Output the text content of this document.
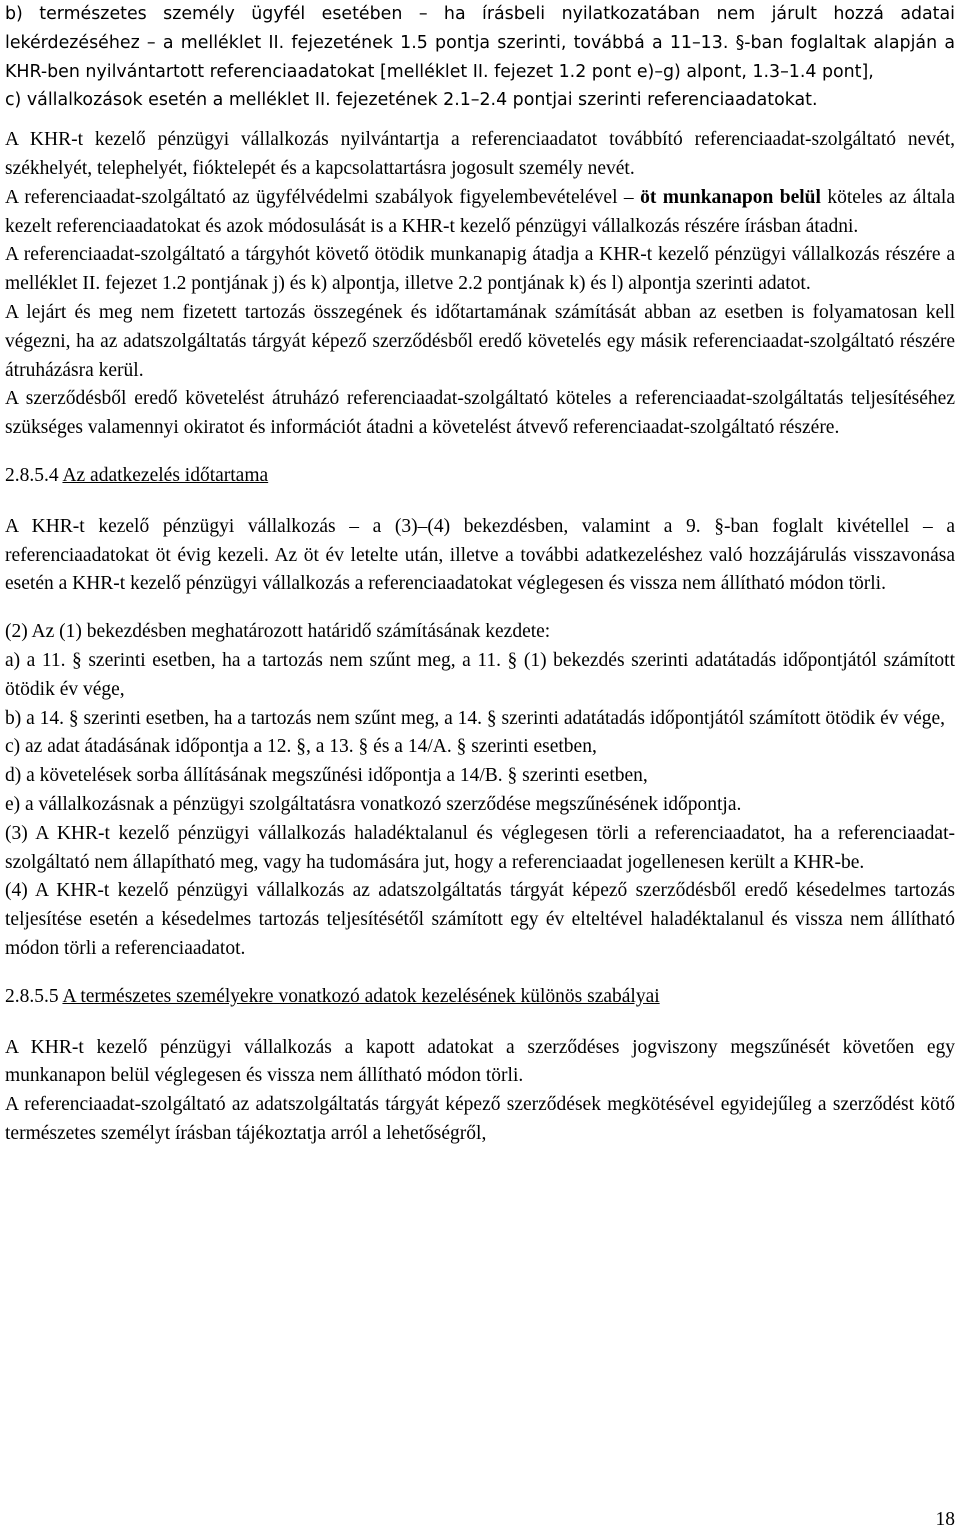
b) természetes személy ügyfél esetében – ha írásbeli nyilatkozatában nem járult hozzá adatai lekérdezéséhez – a melléklet II. fejezetének 1.5 pontja szerinti, továbbá a 11–13. §-ban foglaltak alapján a KHR-ben nyilvántartott referenciaadatokat [melléklet II. fejezet 1.2 pont e)–g) alpont, 1.3–1.4 pont],

c) vállalkozások esetén a melléklet II. fejezetének 2.1–2.4 pontjai szerinti referenciaadatokat.

A KHR-t kezelő pénzügyi vállalkozás nyilvántartja a referenciaadatot továbbító referenciaadat-szolgáltató nevét, székhelyét, telephelyét, fióktelepét és a kapcsolattartásra jogosult személy nevét.

A referenciaadat-szolgáltató az ügyfélvédelmi szabályok figyelembevételével – öt munkanapon belül köteles az általa kezelt referenciaadatokat és azok módosulását is a KHR-t kezelő pénzügyi vállalkozás részére írásban átadni.

A referenciaadat-szolgáltató a tárgyhót követő ötödik munkanapig átadja a KHR-t kezelő pénzügyi vállalkozás részére a melléklet II. fejezet 1.2 pontjának j) és k) alpontja, illetve 2.2 pontjának k) és l) alpontja szerinti adatot.

A lejárt és meg nem fizetett tartozás összegének és időtartamának számítását abban az esetben is folyamatosan kell végezni, ha az adatszolgáltatás tárgyát képező szerződésből eredő követelés egy másik referenciaadat-szolgáltató részére átruházásra kerül.

A szerződésből eredő követelést átruházó referenciaadat-szolgáltató köteles a referenciaadat-szolgáltatás teljesítéséhez szükséges valamennyi okiratot és információt átadni a követelést átvevő referenciaadat-szolgáltató részére.

2.8.5.4 Az adatkezelés időtartama

A KHR-t kezelő pénzügyi vállalkozás – a (3)–(4) bekezdésben, valamint a 9. §-ban foglalt kivétellel – a referenciaadatokat öt évig kezeli. Az öt év letelte után, illetve a további adatkezeléshez való hozzájárulás visszavonása esetén a KHR-t kezelő pénzügyi vállalkozás a referenciaadatokat véglegesen és vissza nem állítható módon törli.

(2) Az (1) bekezdésben meghatározott határidő számításának kezdete:

a) a 11. § szerinti esetben, ha a tartozás nem szűnt meg, a 11. § (1) bekezdés szerinti adatátadás időpontjától számított ötödik év vége,

b) a 14. § szerinti esetben, ha a tartozás nem szűnt meg, a 14. § szerinti adatátadás időpontjától számított ötödik év vége,

c) az adat átadásának időpontja a 12. §, a 13. § és a 14/A. § szerinti esetben,

d) a követelések sorba állításának megszűnési időpontja a 14/B. § szerinti esetben,

e) a vállalkozásnak a pénzügyi szolgáltatásra vonatkozó szerződése megszűnésének időpontja.

(3) A KHR-t kezelő pénzügyi vállalkozás haladéktalanul és véglegesen törli a referenciaadatot, ha a referenciaadat-szolgáltató nem állapítható meg, vagy ha tudomására jut, hogy a referenciaadat jogellenesen került a KHR-be.

(4) A KHR-t kezelő pénzügyi vállalkozás az adatszolgáltatás tárgyát képező szerződésből eredő késedelmes tartozás teljesítése esetén a késedelmes tartozás teljesítésétől számított egy év elteltével haladéktalanul és vissza nem állítható módon törli a referenciaadatot.

2.8.5.5 A természetes személyekre vonatkozó adatok kezelésének különös szabályai

A KHR-t kezelő pénzügyi vállalkozás a kapott adatokat a szerződéses jogviszony megszűnését követően egy munkanapon belül véglegesen és vissza nem állítható módon törli.

A referenciaadat-szolgáltató az adatszolgáltatás tárgyát képező szerződések megkötésével egyidejűleg a szerződést kötő természetes személyt írásban tájékoztatja arról a lehetőségről,

18
